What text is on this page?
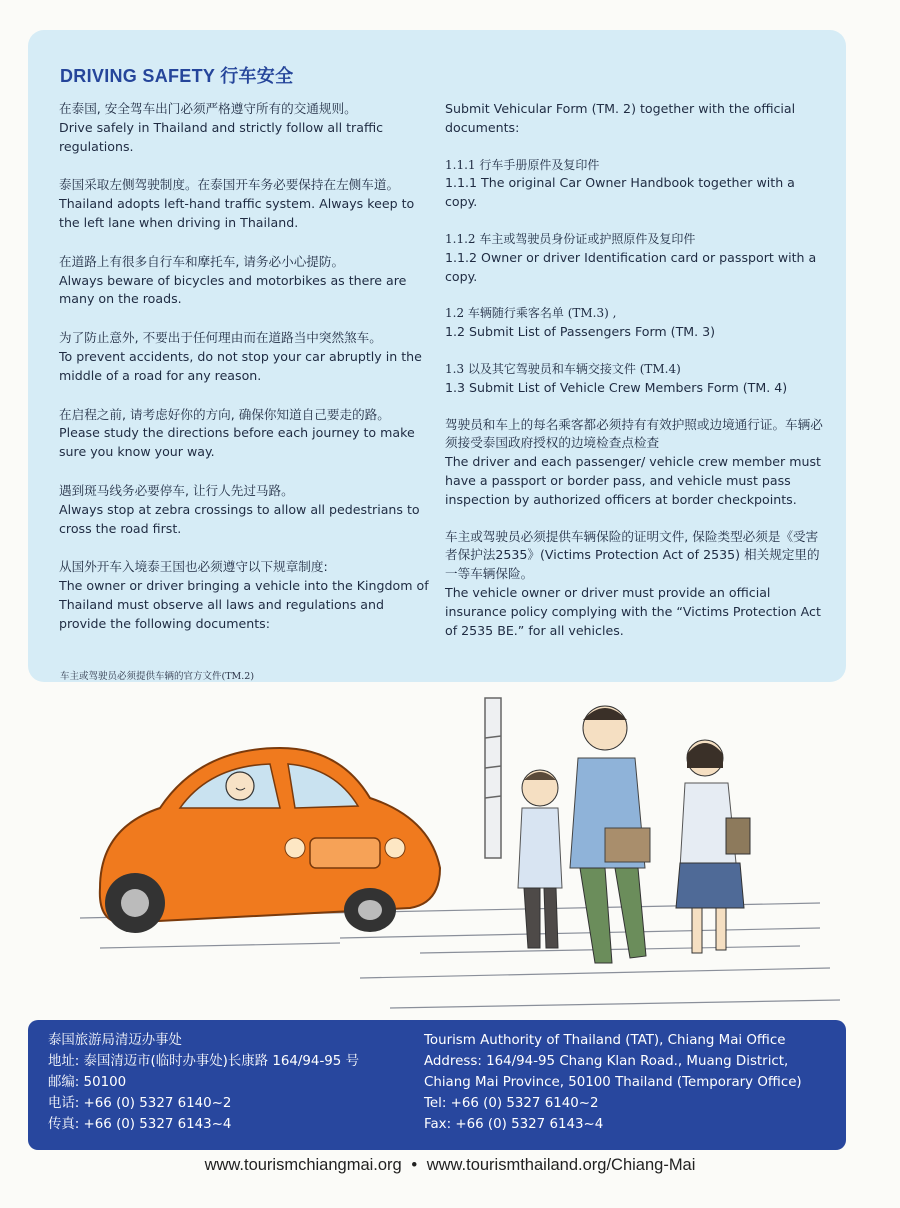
DRIVING SAFETY 行车安全

在泰国, 安全驾车出门必须严格遵守所有的交通规则。
Drive safely in Thailand and strictly follow all traffic regulations.

泰国采取左侧驾驶制度。在泰国开车务必要保持在左侧车道。
Thailand adopts left-hand traffic system. Always keep to the left lane when driving in Thailand.

在道路上有很多自行车和摩托车, 请务必小心提防。
Always beware of bicycles and motorbikes as there are many on the roads.

为了防止意外, 不要出于任何理由而在道路当中突然煞车。
To prevent accidents, do not stop your car abruptly in the middle of a road for any reason.

在启程之前, 请考虑好你的方向, 确保你知道自己要走的路。
Please study the directions before each journey to make sure you know your way.

遇到斑马线务必要停车, 让行人先过马路。
Always stop at zebra crossings to allow all pedestrians to cross the road first.

从国外开车入境泰王国也必须遵守以下规章制度:
The owner or driver bringing a vehicle into the Kingdom of Thailand must observe all laws and regulations and provide the following documents:

Submit Vehicular Form (TM. 2) together with the official documents:

1.1.1 行车手册原件及复印件
1.1.1 The original Car Owner Handbook together with a copy.

1.1.2 车主或驾驶员身份证或护照原件及复印件
1.1.2 Owner or driver Identification card or passport with a copy.

1.2 车辆随行乘客名单 (TM.3) ,
1.2 Submit List of Passengers Form (TM. 3)

1.3 以及其它驾驶员和车辆交接文件 (TM.4)
1.3 Submit List of Vehicle Crew Members Form (TM. 4)

驾驶员和车上的每名乘客都必须持有有效护照或边境通行证。车辆必须接受泰国政府授权的边境检查点检查
The driver and each passenger/ vehicle crew member must have a passport or border pass, and vehicle must pass inspection by authorized officers at border checkpoints.

车主或驾驶员必须提供车辆保险的证明文件, 保险类型必须是《受害者保护法2535》(Victims Protection Act of 2535) 相关规定里的一等车辆保险。
The vehicle owner or driver must provide an official insurance policy complying with the “Victims Protection Act of 2535 BE.” for all vehicles.

车主或驾驶员必须提供车辆的官方文件(TM.2)
泰国旅游局清迈办事处
地址: 泰国清迈市(临时办事处)长康路 164/94-95 号
邮编: 50100
电话: +66 (0) 5327 6140~2
传真: +66 (0) 5327 6143~4
Tourism Authority of Thailand (TAT), Chiang Mai Office
Address: 164/94-95 Chang Klan Road., Muang District,
Chiang Mai Province, 50100 Thailand (Temporary Office)
Tel: +66 (0) 5327 6140~2
Fax: +66 (0) 5327 6143~4
www.tourismchiangmai.org • www.tourismthailand.org/Chiang-Mai
